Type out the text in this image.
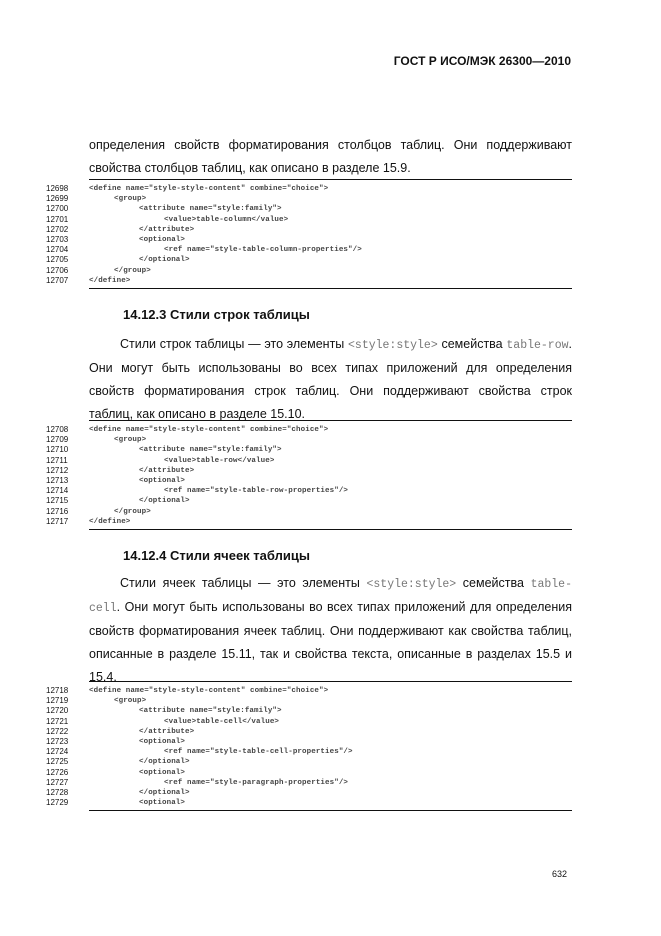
ГОСТ Р ИСО/МЭК 26300—2010

определения свойств форматирования столбцов таблиц. Они поддерживают свойства столбцов таблиц, как описано в разделе 15.9.

12698	<define name="style-style-content" combine="choice">
12699	<group>
12700	<attribute name="style:family">
12701	<value>table-column</value>
12702	</attribute>
12703	<optional>
12704	<ref name="style-table-column-properties"/>
12705	</optional>
12706	</group>
12707	</define>
14.12.3 Стили строк таблицы

Стили строк таблицы — это элементы <style:style> семейства table-row. Они могут быть использованы во всех типах приложений для определения свойств форматирования строк таблиц. Они поддерживают свойства строк таблиц, как описано в разделе 15.10.

12708	<define name="style-style-content" combine="choice">
12709	<group>
12710	<attribute name="style:family">
12711	<value>table-row</value>
12712	</attribute>
12713	<optional>
12714	<ref name="style-table-row-properties"/>
12715	</optional>
12716	</group>
12717	</define>
14.12.4 Стили ячеек таблицы

Стили ячеек таблицы — это элементы <style:style> семейства table-cell. Они могут быть использованы во всех типах приложений для определения свойств форматирования ячеек таблиц. Они поддерживают как свойства таблиц, описанные в разделе 15.11, так и свойства текста, описанные в разделах 15.5 и 15.4.

12718	<define name="style-style-content" combine="choice">
12719	<group>
12720	<attribute name="style:family">
12721	<value>table-cell</value>
12722	</attribute>
12723	<optional>
12724	<ref name="style-table-cell-properties"/>
12725	</optional>
12726	<optional>
12727	<ref name="style-paragraph-properties"/>
12728	</optional>
12729	<optional>
632
